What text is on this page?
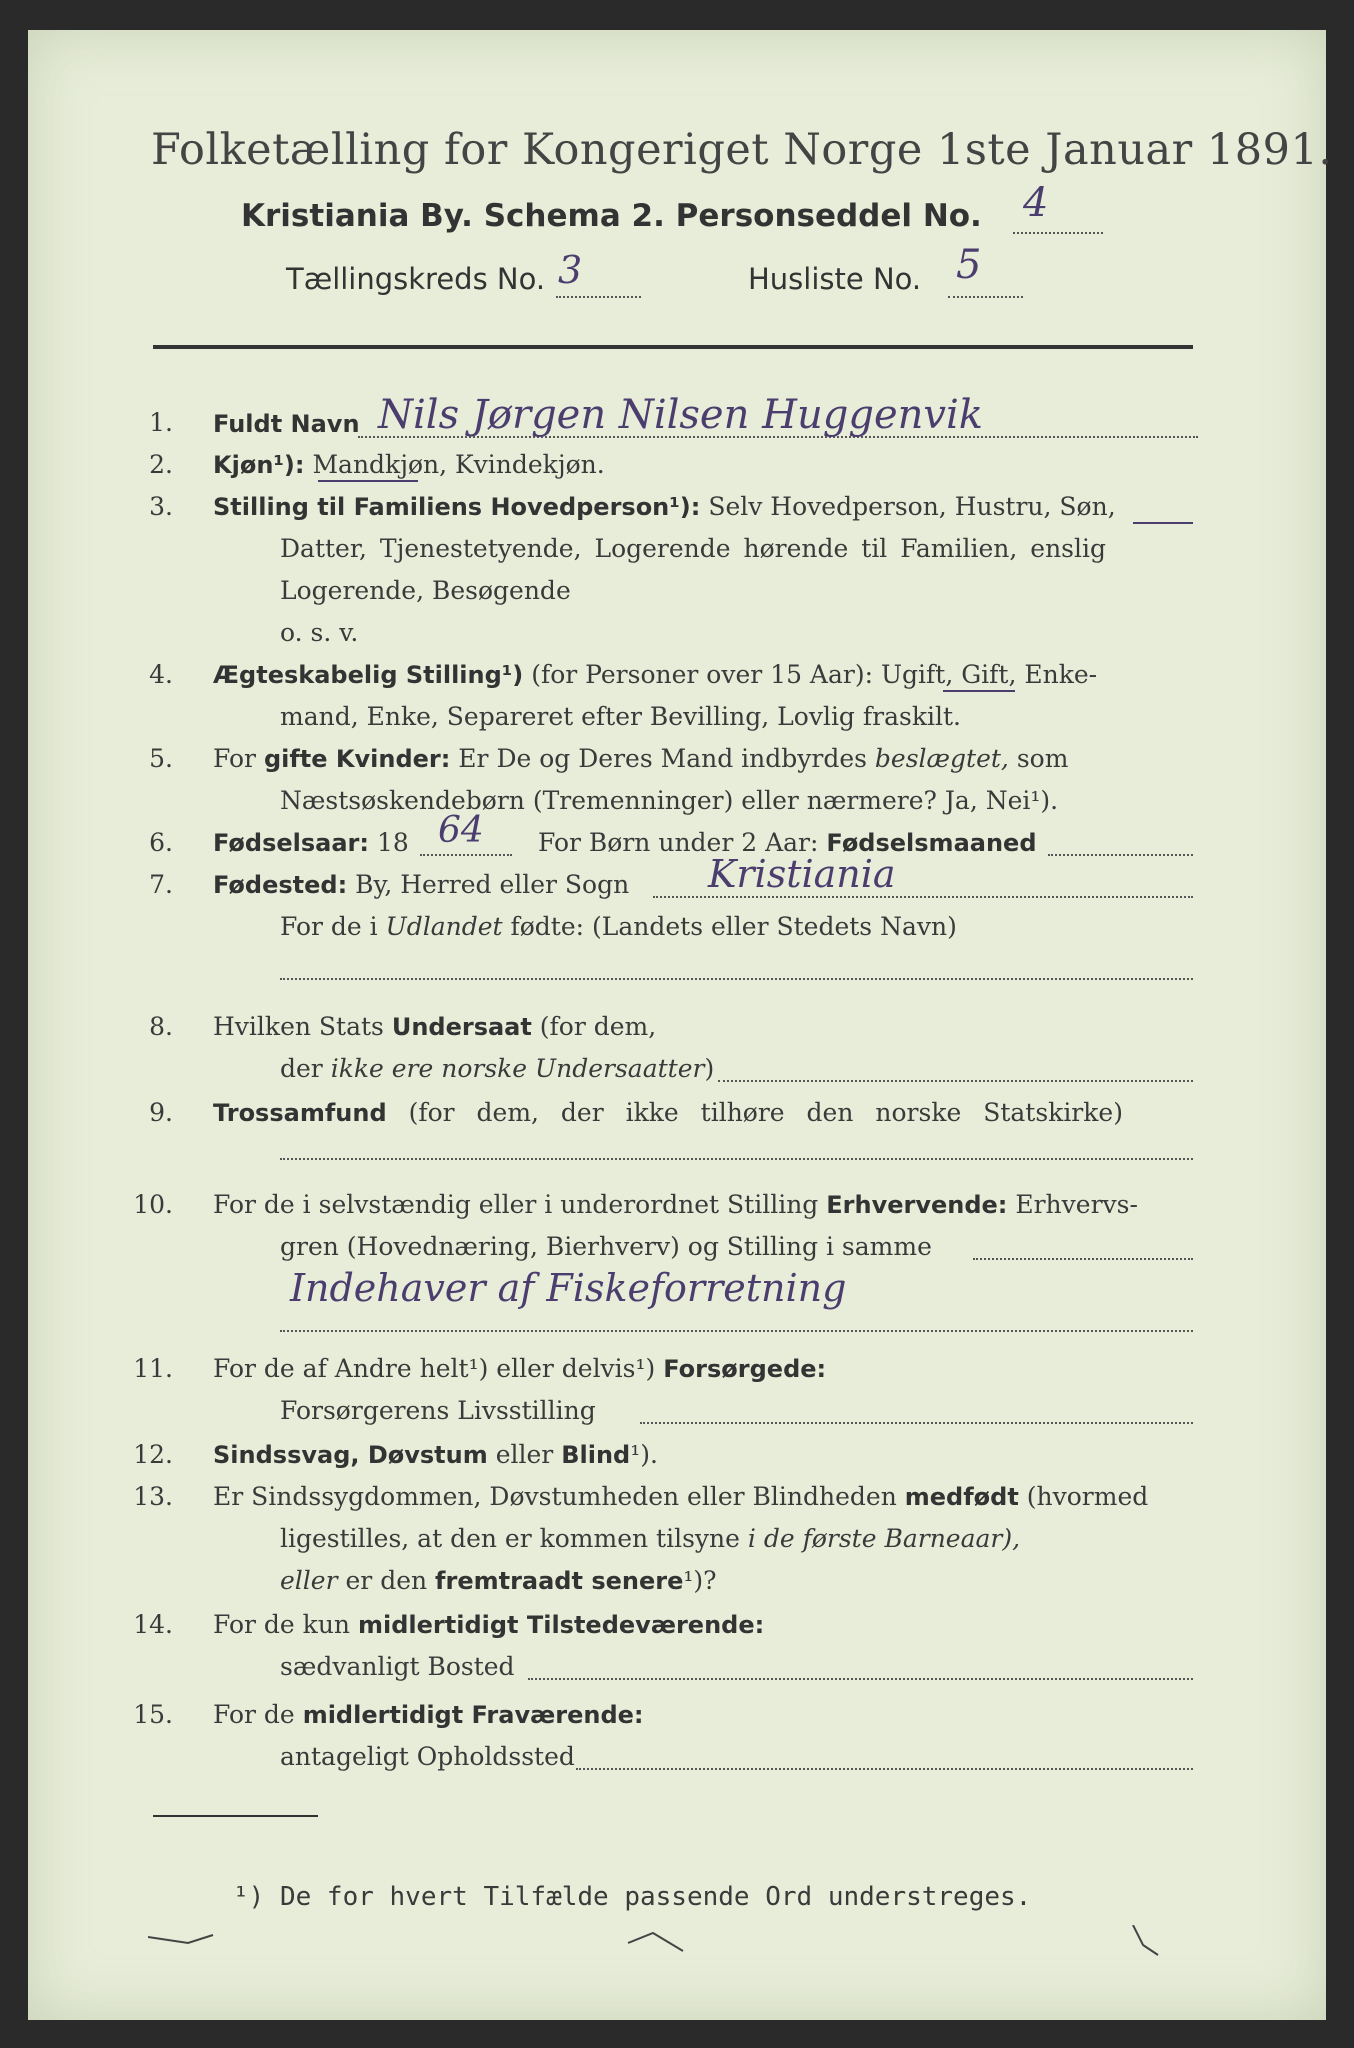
Folketælling for Kongeriget Norge 1ste Januar 1891.
Kristiania By. Schema 2. Personseddel No. 4
Tællingskreds No. 3	Husliste No. 5
1. Fuldt Navn Nils Jørgen Nilsen Huggenvik
2. Kjøn¹): Mandkjøn, Kvindekjøn.
3. Stilling til Familiens Hovedperson¹): Selv Hovedperson, Hustru, Søn,
Datter, Tjenestetyende, Logerende hørende til Familien, enslig
Logerende, Besøgende
o. s. v.
4. Ægteskabelig Stilling¹) (for Personer over 15 Aar): Ugift, Gift, Enke-
mand, Enke, Separeret efter Bevilling, Lovlig fraskilt.
5. For gifte Kvinder: Er De og Deres Mand indbyrdes beslægtet, som
Næstsøskendebørn (Tremenninger) eller nærmere? Ja, Nei¹).
6. Fødselsaar: 18 64 For Børn under 2 Aar: Fødselsmaaned
7. Fødested: By, Herred eller Sogn Kristiania
For de i Udlandet fødte: (Landets eller Stedets Navn)
8. Hvilken Stats Undersaat (for dem,
der ikke ere norske Undersaatter)
9. Trossamfund (for dem, der ikke tilhøre den norske Statskirke)
10. For de i selvstændig eller i underordnet Stilling Erhvervende: Erhvervs-
gren (Hovednæring, Bierhverv) og Stilling i samme
Indehaver af Fiskeforretning
11. For de af Andre helt¹) eller delvis¹) Forsørgede:
Forsørgerens Livsstilling
12. Sindssvag, Døvstum eller Blind¹).
13. Er Sindssygdommen, Døvstumheden eller Blindheden medfødt (hvormed
ligestilles, at den er kommen tilsyne i de første Barneaar),
eller er den fremtraadt senere¹)?
14. For de kun midlertidigt Tilstedeværende:
sædvanligt Bosted
15. For de midlertidigt Fraværende:
antageligt Opholdssted
¹) De for hvert Tilfælde passende Ord understreges.
